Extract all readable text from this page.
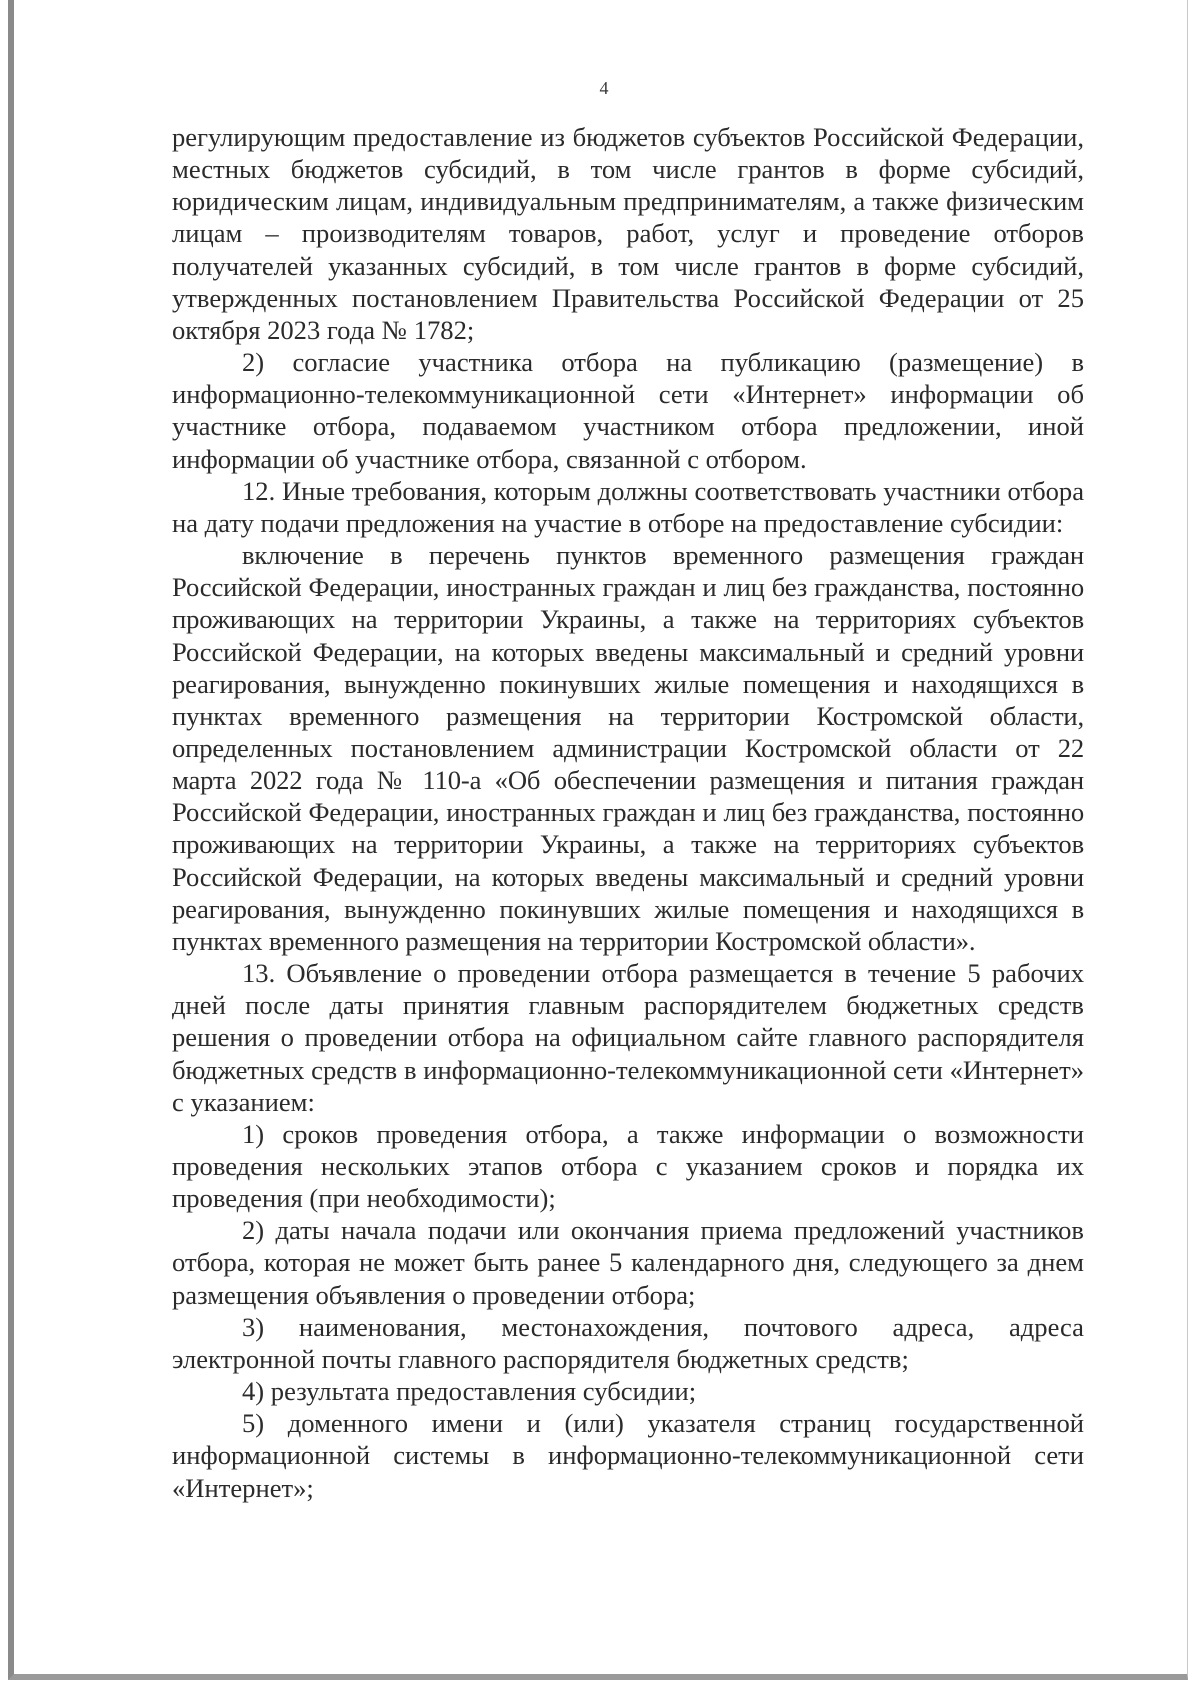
4

регулирующим предоставление из бюджетов субъектов Российской Федерации, местных бюджетов субсидий, в том числе грантов в форме субсидий, юридическим лицам, индивидуальным предпринимателям, а также физическим лицам – производителям товаров, работ, услуг и проведение отборов получателей указанных субсидий, в том числе грантов в форме субсидий, утвержденных постановлением Правительства Российской Федерации от 25 октября 2023 года № 1782;

2) согласие участника отбора на публикацию (размещение) в информационно-телекоммуникационной сети «Интернет» информации об участнике отбора, подаваемом участником отбора предложении, иной информации об участнике отбора, связанной с отбором.

12. Иные требования, которым должны соответствовать участники отбора на дату подачи предложения на участие в отборе на предоставление субсидии:

включение в перечень пунктов временного размещения граждан Российской Федерации, иностранных граждан и лиц без гражданства, постоянно проживающих на территории Украины, а также на территориях субъектов Российской Федерации, на которых введены максимальный и средний уровни реагирования, вынужденно покинувших жилые помещения и находящихся в пунктах временного размещения на территории Костромской области, определенных постановлением администрации Костромской области от 22 марта 2022 года № 110-а «Об обеспечении размещения и питания граждан Российской Федерации, иностранных граждан и лиц без гражданства, постоянно проживающих на территории Украины, а также на территориях субъектов Российской Федерации, на которых введены максимальный и средний уровни реагирования, вынужденно покинувших жилые помещения и находящихся в пунктах временного размещения на территории Костромской области».

13. Объявление о проведении отбора размещается в течение 5 рабочих дней после даты принятия главным распорядителем бюджетных средств решения о проведении отбора на официальном сайте главного распорядителя бюджетных средств в информационно-телекоммуникационной сети «Интернет» с указанием:

1) сроков проведения отбора, а также информации о возможности проведения нескольких этапов отбора с указанием сроков и порядка их проведения (при необходимости);

2) даты начала подачи или окончания приема предложений участников отбора, которая не может быть ранее 5 календарного дня, следующего за днем размещения объявления о проведении отбора;

3) наименования, местонахождения, почтового адреса, адреса электронной почты главного распорядителя бюджетных средств;

4) результата предоставления субсидии;

5) доменного имени и (или) указателя страниц государственной информационной системы в информационно-телекоммуникационной сети «Интернет»;
